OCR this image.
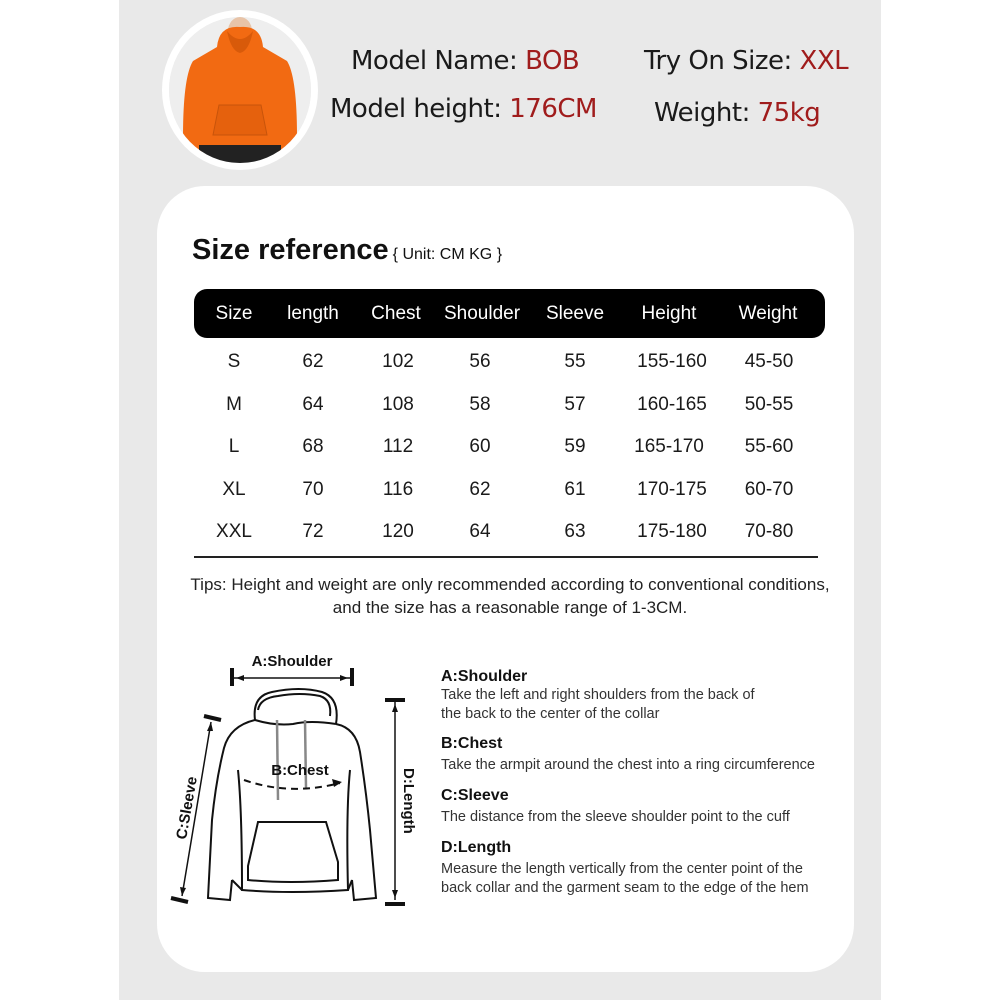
Model Name: BOB
Model height: 176CM
Try On Size: XXL
Weight: 75kg
Size reference { Unit: CM KG }
Size length Chest Shoulder Sleeve Height Weight
S	62	102	56	55	155-160 45-50
M	64	108	58	57	160-165 50-55
L	68	112	60	59	165-170 55-60
XL	70	116	62	61	170-175 60-70
XXL	72	120	64	63	175-180 70-80
Tips: Height and weight are only recommended according to conventional conditions, and the size has a reasonable range of 1-3CM.
A:Shoulder
D:Length
C:Sleeve
B:Chest
A:Shoulder
Take the left and right shoulders from the back of
the back to the center of the collar
B:Chest
Take the armpit around the chest into a ring circumference
C:Sleeve
The distance from the sleeve shoulder point to the cuff
D:Length
Measure the length vertically from the center point of the
back collar and the garment seam to the edge of the hem
